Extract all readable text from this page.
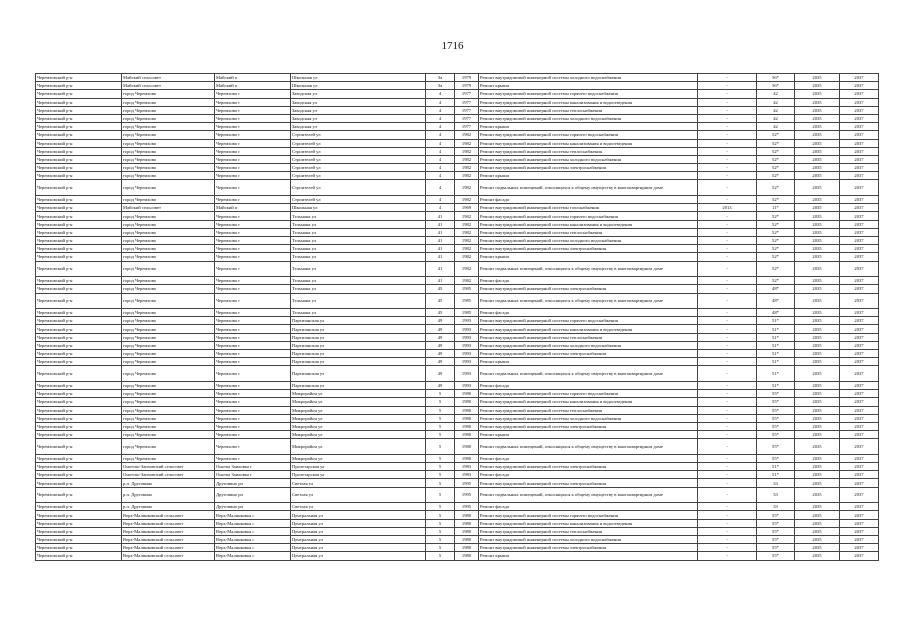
1716
Черемховский р-н	Майский сельсовет	Майский п	Школьная ул	3а	1979	Ремонт внутридомовой инженерной системы холодного водоснабжения	-	56*	2035	2037
Черемховский р-н	Майский сельсовет	Майский п	Школьная ул	3а	1979	Ремонт крыши	-	56*	2035	2037
Черемховский р-н	город Черемхово	Черемхово г	Заводская ул	4	1977	Ремонт внутридомовой инженерной системы горячего водоснабжения	-	42	2035	2037
Черемховский р-н	город Черемхово	Черемхово г	Заводская ул	4	1977	Ремонт внутридомовой инженерной системы канализования и водоотведения	-	42	2035	2037
Черемховский р-н	город Черемхово	Черемхово г	Заводская ул	4	1977	Ремонт внутридомовой инженерной системы теплоснабжения	-	42	2035	2037
Черемховский р-н	город Черемхово	Черемхово г	Заводская ул	4	1977	Ремонт внутридомовой инженерной системы холодного водоснабжения	-	42	2035	2037
Черемховский р-н	город Черемхово	Черемхово г	Заводская ул	4	1977	Ремонт крыши	-	42	2035	2037
Черемховский р-н	город Черемхово	Черемхово г	Строителей ул	4	1982	Ремонт внутридомовой инженерной системы горячего водоснабжения	-	52*	2035	2037
Черемховский р-н	город Черемхово	Черемхово г	Строителей ул	4	1982	Ремонт внутридомовой инженерной системы канализования и водоотведения	-	52*	2035	2037
Черемховский р-н	город Черемхово	Черемхово г	Строителей ул	4	1982	Ремонт внутридомовой инженерной системы теплоснабжения	-	52*	2035	2037
Черемховский р-н	город Черемхово	Черемхово г	Строителей ул	4	1982	Ремонт внутридомовой инженерной системы холодного водоснабжения	-	52*	2035	2037
Черемховский р-н	город Черемхово	Черемхово г	Строителей ул	4	1982	Ремонт внутридомовой инженерной системы электроснабжения	-	52*	2035	2037
Черемховский р-н	город Черемхово	Черемхово г	Строителей ул	4	1982	Ремонт крыши	-	52*	2035	2037
Черемховский р-н	город Черемхово	Черемхово г	Строителей ул	4	1982	Ремонт подвальных помещений, относящихся к общему имуществу в многоквартирном доме	-	52*	2035	2037
Черемховский р-н	город Черемхово	Черемхово г	Строителей ул	4	1982	Ремонт фасада	-	52*	2035	2037
Черемховский р-н	Майский сельсовет	Майский п	Школьная ул	4	1969	Ремонт внутридомовой инженерной системы газоснабжения	2013	11*	2035	2037
Черемховский р-н	город Черемхово	Черемхово г	Тельмана ул	41	1982	Ремонт внутридомовой инженерной системы горячего водоснабжения	-	52*	2035	2037
Черемховский р-н	город Черемхово	Черемхово г	Тельмана ул	41	1982	Ремонт внутридомовой инженерной системы канализования и водоотведения	-	52*	2035	2037
Черемховский р-н	город Черемхово	Черемхово г	Тельмана ул	41	1982	Ремонт внутридомовой инженерной системы теплоснабжения	-	52*	2035	2037
Черемховский р-н	город Черемхово	Черемхово г	Тельмана ул	41	1982	Ремонт внутридомовой инженерной системы холодного водоснабжения	-	52*	2035	2037
Черемховский р-н	город Черемхово	Черемхово г	Тельмана ул	41	1982	Ремонт внутридомовой инженерной системы электроснабжения	-	52*	2035	2037
Черемховский р-н	город Черемхово	Черемхово г	Тельмана ул	41	1982	Ремонт крыши	-	52*	2035	2037
Черемховский р-н	город Черемхово	Черемхово г	Тельмана ул	41	1982	Ремонт подвальных помещений, относящихся к общему имуществу в многоквартирном доме	-	52*	2035	2037
Черемховский р-н	город Черемхово	Черемхово г	Тельмана ул	41	1982	Ремонт фасада	-	52*	2035	2037
Черемховский р-н	город Черемхово	Черемхово г	Тельмана ул	45	1985	Ремонт внутридомовой инженерной системы электроснабжения	-	48*	2035	2037
Черемховский р-н	город Черемхово	Черемхово г	Тельмана ул	45	1985	Ремонт подвальных помещений, относящихся к общему имуществу в многоквартирном доме	-	48*	2035	2037
Черемховский р-н	город Черемхово	Черемхово г	Тельмана ул	45	1985	Ремонт фасада	-	48*	2035	2037
Черемховский р-н	город Черемхово	Черемхово г	Партизанская ул	49	1993	Ремонт внутридомовой инженерной системы горячего водоснабжения	-	51*	2035	2037
Черемховский р-н	город Черемхово	Черемхово г	Партизанская ул	49	1993	Ремонт внутридомовой инженерной системы канализования и водоотведения	-	51*	2035	2037
Черемховский р-н	город Черемхово	Черемхово г	Партизанская ул	49	1993	Ремонт внутридомовой инженерной системы теплоснабжения	-	51*	2035	2037
Черемховский р-н	город Черемхово	Черемхово г	Партизанская ул	49	1993	Ремонт внутридомовой инженерной системы холодного водоснабжения	-	51*	2035	2037
Черемховский р-н	город Черемхово	Черемхово г	Партизанская ул	49	1993	Ремонт внутридомовой инженерной системы электроснабжения	-	51*	2035	2037
Черемховский р-н	город Черемхово	Черемхово г	Партизанская ул	49	1993	Ремонт крыши	-	51*	2035	2037
Черемховский р-н	город Черемхово	Черемхово г	Партизанская ул	49	1993	Ремонт подвальных помещений, относящихся к общему имуществу в многоквартирном доме	-	51*	2035	2037
Черемховский р-н	город Черемхово	Черемхово г	Партизанская ул	49	1993	Ремонт фасада	-	51*	2035	2037
Черемховский р-н	город Черемхово	Черемхово г	Микрорайон ул	5	1980	Ремонт внутридомовой инженерной системы горячего водоснабжения	-	55*	2035	2037
Черемховский р-н	город Черемхово	Черемхово г	Микрорайон ул	5	1980	Ремонт внутридомовой инженерной системы канализования и водоотведения	-	55*	2035	2037
Черемховский р-н	город Черемхово	Черемхово г	Микрорайон ул	5	1980	Ремонт внутридомовой инженерной системы теплоснабжения	-	55*	2035	2037
Черемховский р-н	город Черемхово	Черемхово г	Микрорайон ул	5	1980	Ремонт внутридомовой инженерной системы холодного водоснабжения	-	55*	2035	2037
Черемховский р-н	город Черемхово	Черемхово г	Микрорайон ул	5	1980	Ремонт внутридомовой инженерной системы электроснабжения	-	55*	2035	2037
Черемховский р-н	город Черемхово	Черемхово г	Микрорайон ул	5	1980	Ремонт крыши	-	55*	2035	2037
Черемховский р-н	город Черемхово	Черемхово г	Микрорайон ул	5	1980	Ремонт подвальных помещений, относящихся к общему имуществу в многоквартирном доме	-	55*	2035	2037
Черемховский р-н	город Черемхово	Черемхово г	Микрорайон ул	5	1980	Ремонт фасада	-	55*	2035	2037
Черемховский р-н	Онотско-Заиховский сельсовет	Онотка Заиховка г	Пролетарская ул	5	1983	Ремонт внутридомовой инженерной системы электроснабжения	-	51*	2035	2037
Черемховский р-н	Онотско-Заиховский сельсовет	Онотка Заиховка г	Пролетарская ул	5	1983	Ремонт фасада	-	51*	2035	2037
Черемховский р-н	р.п. Друговино	Друговино рп	Светлая ул	5	1995	Ремонт внутридомовой инженерной системы электроснабжения	-	33	2035	2037
Черемховский р-н	р.п. Друговино	Друговино рп	Светлая ул	5	1995	Ремонт подвальных помещений, относящихся к общему имуществу в многоквартирном доме	-	33	2035	2037
Черемховский р-н	р.п. Друговино	Друговино рп	Светлая ул	5	1995	Ремонт фасада	-	33	2035	2037
Черемховский р-н	Верх-Малинковский сельсовет	Верх-Малинковка с	Центральная ул	5	1980	Ремонт внутридомовой инженерной системы горячего водоснабжения	-	55*	2035	2037
Черемховский р-н	Верх-Малинковский сельсовет	Верх-Малинковка с	Центральная ул	5	1980	Ремонт внутридомовой инженерной системы канализования и водоотведения	-	55*	2035	2037
Черемховский р-н	Верх-Малинковский сельсовет	Верх-Малинковка с	Центральная ул	5	1980	Ремонт внутридомовой инженерной системы теплоснабжения	-	55*	2035	2037
Черемховский р-н	Верх-Малинковский сельсовет	Верх-Малинковка с	Центральная ул	5	1980	Ремонт внутридомовой инженерной системы холодного водоснабжения	-	55*	2035	2037
Черемховский р-н	Верх-Малинковский сельсовет	Верх-Малинковка с	Центральная ул	5	1980	Ремонт внутридомовой инженерной системы электроснабжения	-	55*	2035	2037
Черемховский р-н	Верх-Малинковский сельсовет	Верх-Малинковка с	Центральная ул	5	1980	Ремонт крыши	-	55*	2035	2037
